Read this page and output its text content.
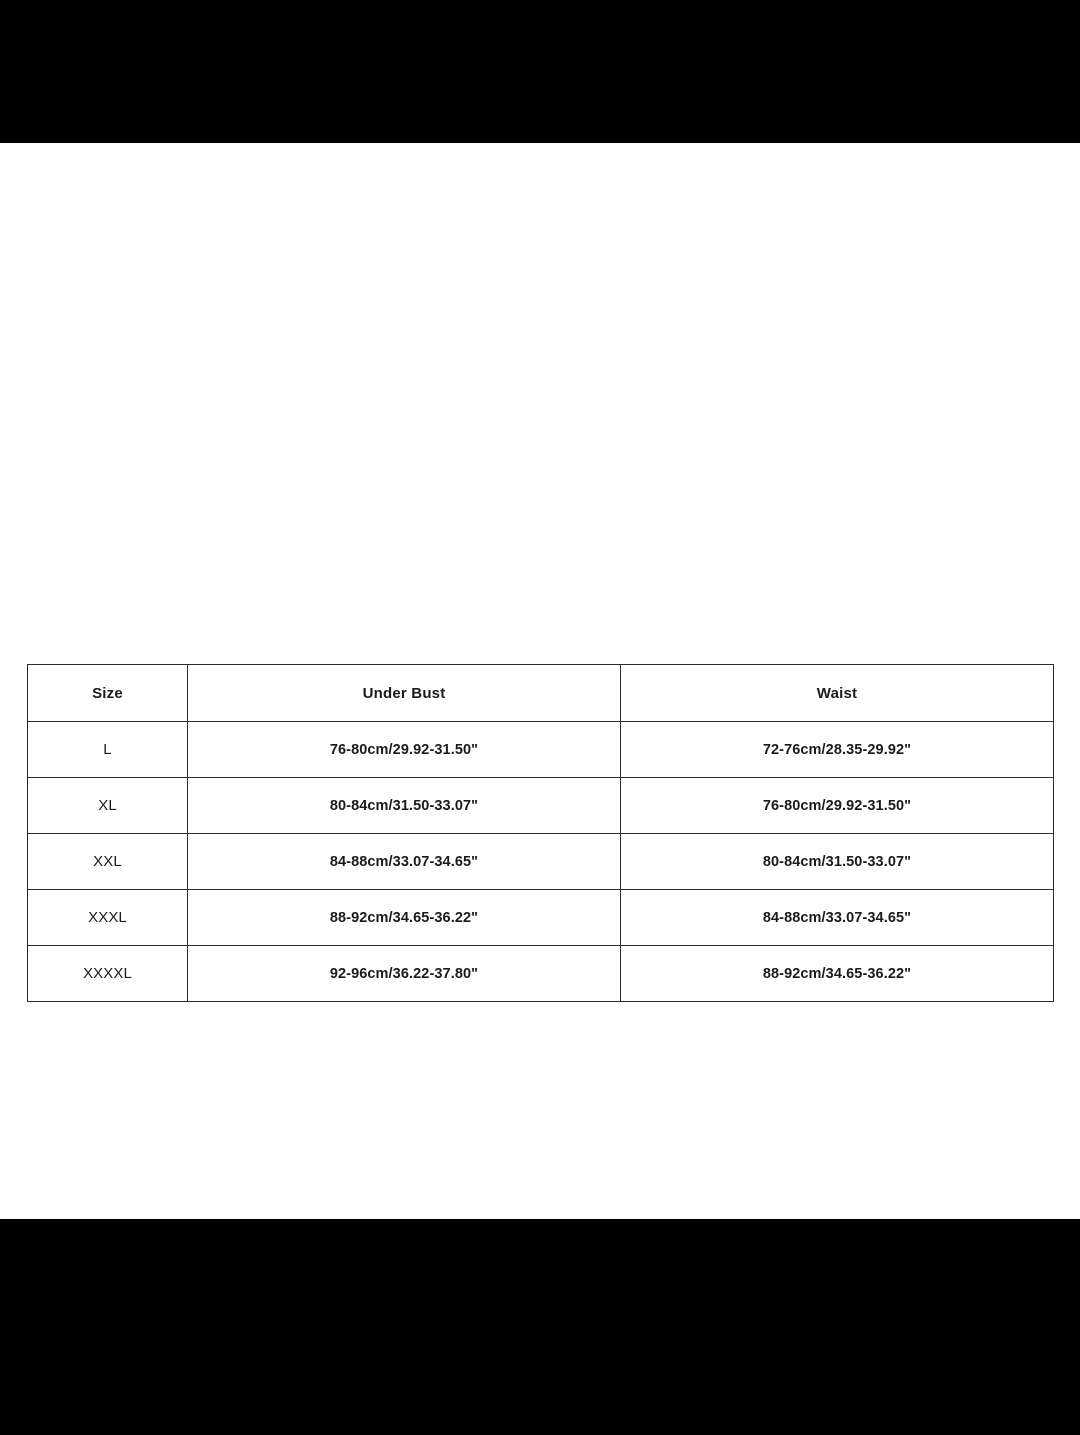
Size	Under Bust	Waist
L	76-80cm/29.92-31.50"	72-76cm/28.35-29.92"
XL	80-84cm/31.50-33.07"	76-80cm/29.92-31.50"
XXL	84-88cm/33.07-34.65"	80-84cm/31.50-33.07"
XXXL	88-92cm/34.65-36.22"	84-88cm/33.07-34.65"
XXXXL	92-96cm/36.22-37.80"	88-92cm/34.65-36.22"
